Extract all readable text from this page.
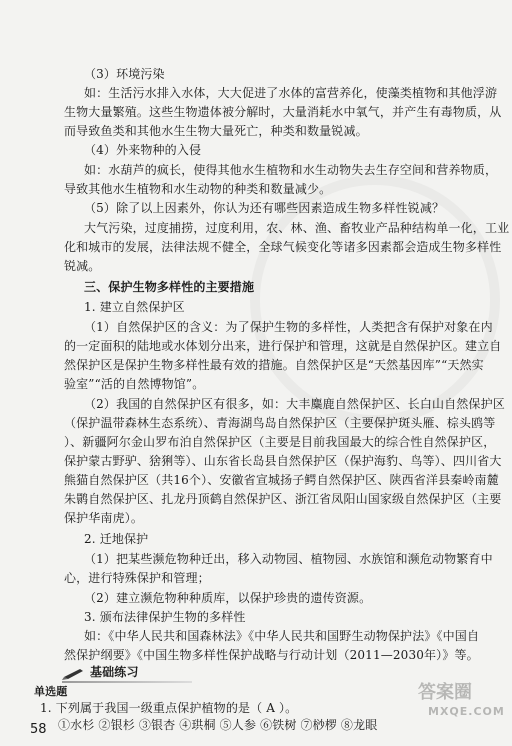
（3）环境污染
如：生活污水排入水体，大大促进了水体的富营养化，使藻类植物和其他浮游
生物大量繁殖。这些生物遗体被分解时，大量消耗水中氧气，并产生有毒物质，从
而导致鱼类和其他水生生物大量死亡，种类和数量锐减。
（4）外来物种的入侵
如：水葫芦的疯长，使得其他水生植物和水生动物失去生存空间和营养物质，
导致其他水生植物和水生动物的种类和数量减少。
（5）除了以上因素外，你认为还有哪些因素造成生物多样性锐减？
大气污染，过度捕捞，过度利用，农、林、渔、畜牧业产品种结构单一化，工业
化和城市的发展，法律法规不健全，全球气候变化等诸多因素都会造成生物多样性
锐减。
三、保护生物多样性的主要措施
1. 建立自然保护区
（1）自然保护区的含义：为了保护生物的多样性，人类把含有保护对象在内
的一定面积的陆地或水体划分出来，进行保护和管理，这就是自然保护区。建立自
然保护区是保护生物多样性最有效的措施。自然保护区是“天然基因库”“天然实
验室”“活的自然博物馆”。
（2）我国的自然保护区有很多，如：大丰麋鹿自然保护区、长白山自然保护区
（保护温带森林生态系统）、青海湖鸟岛自然保护区（主要保护斑头雁、棕头鸥等
）、新疆阿尔金山罗布泊自然保护区（主要是目前我国最大的综合性自然保护区，
保护蒙古野驴、猞猁等）、山东省长岛县自然保护区（保护海豹、鸟等）、四川省大
熊猫自然保护区（共16个）、安徽省宣城扬子鳄自然保护区、陕西省洋县秦岭南麓
朱鹮自然保护区、扎龙丹顶鹤自然保护区、浙江省凤阳山国家级自然保护区（主要
保护华南虎）。
2. 迁地保护
（1）把某些濒危物种迁出，移入动物园、植物园、水族馆和濒危动物繁育中
心，进行特殊保护和管理；
（2）建立濒危物种种质库，以保护珍贵的遗传资源。
3. 颁布法律保护生物的多样性
如：《中华人民共和国森林法》《中华人民共和国野生动物保护法》《中国自
然保护纲要》《中国生物多样性保护战略与行动计划（2011—2030年）》等。
基础练习
单选题
1. 下列属于我国一级重点保护植物的是（ A ）。
①水杉 ②银杉 ③银杏 ④珙桐 ⑤人参 ⑥铁树 ⑦桫椤 ⑧龙眼
58
答案圈
MXQE.COM
